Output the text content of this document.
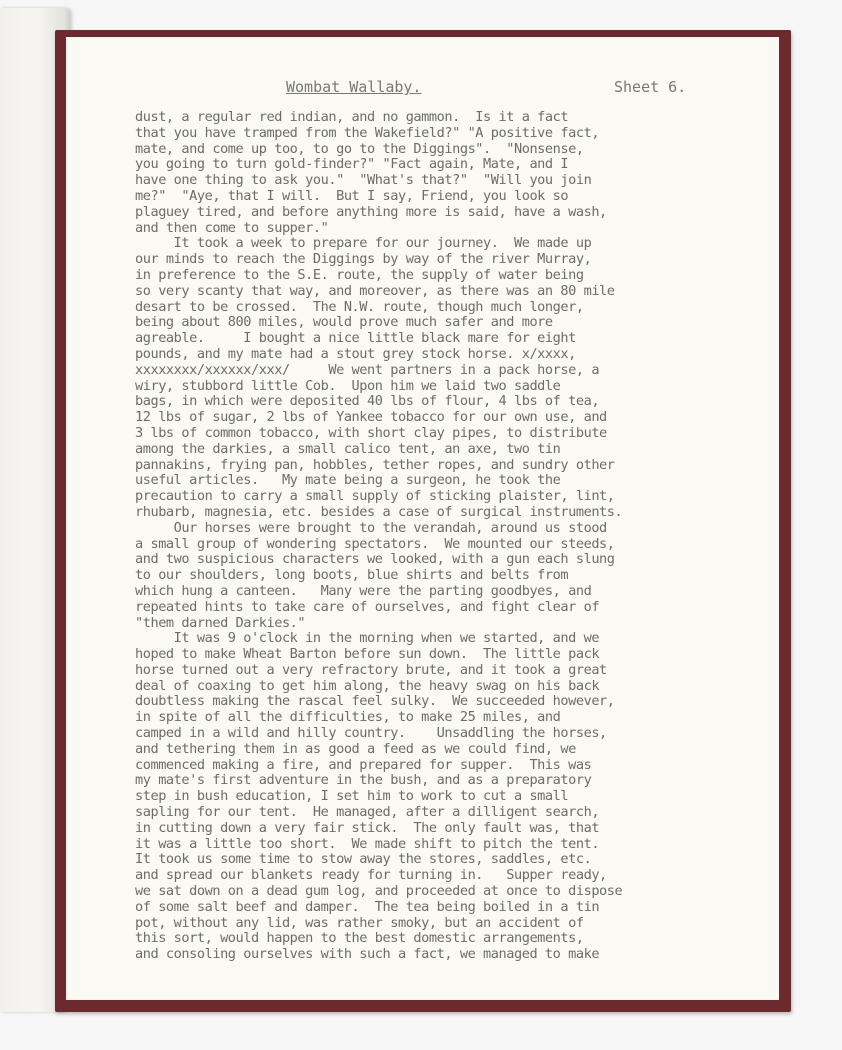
Wombat Wallaby.	Sheet 6.
dust, a regular red indian, and no gammon.  Is it a fact
that you have tramped from the Wakefield?" "A positive fact,
mate, and come up too, to go to the Diggings".  "Nonsense,
you going to turn gold-finder?" "Fact again, Mate, and I
have one thing to ask you."  "What's that?"  "Will you join
me?"  "Aye, that I will.  But I say, Friend, you look so
plaguey tired, and before anything more is said, have a wash,
and then come to supper."
It took a week to prepare for our journey.  We made up
our minds to reach the Diggings by way of the river Murray,
in preference to the S.E. route, the supply of water being
so very scanty that way, and moreover, as there was an 80 mile
desart to be crossed.  The N.W. route, though much longer,
being about 800 miles, would prove much safer and more
agreable.     I bought a nice little black mare for eight
pounds, and my mate had a stout grey stock horse. x/xxxx,
xxxxxxxx/xxxxxx/xxx/     We went partners in a pack horse, a
wiry, stubbord little Cob.  Upon him we laid two saddle
bags, in which were deposited 40 lbs of flour, 4 lbs of tea,
12 lbs of sugar, 2 lbs of Yankee tobacco for our own use, and
3 lbs of common tobacco, with short clay pipes, to distribute
among the darkies, a small calico tent, an axe, two tin
pannakins, frying pan, hobbles, tether ropes, and sundry other
useful articles.   My mate being a surgeon, he took the
precaution to carry a small supply of sticking plaister, lint,
rhubarb, magnesia, etc. besides a case of surgical instruments.
Our horses were brought to the verandah, around us stood
a small group of wondering spectators.  We mounted our steeds,
and two suspicious characters we looked, with a gun each slung
to our shoulders, long boots, blue shirts and belts from
which hung a canteen.   Many were the parting goodbyes, and
repeated hints to take care of ourselves, and fight clear of
"them darned Darkies."
It was 9 o'clock in the morning when we started, and we
hoped to make Wheat Barton before sun down.  The little pack
horse turned out a very refractory brute, and it took a great
deal of coaxing to get him along, the heavy swag on his back
doubtless making the rascal feel sulky.  We succeeded however,
in spite of all the difficulties, to make 25 miles, and
camped in a wild and hilly country.    Unsaddling the horses,
and tethering them in as good a feed as we could find, we
commenced making a fire, and prepared for supper.  This was
my mate's first adventure in the bush, and as a preparatory
step in bush education, I set him to work to cut a small
sapling for our tent.  He managed, after a dilligent search,
in cutting down a very fair stick.  The only fault was, that
it was a little too short.  We made shift to pitch the tent.
It took us some time to stow away the stores, saddles, etc.
and spread our blankets ready for turning in.   Supper ready,
we sat down on a dead gum log, and proceeded at once to dispose
of some salt beef and damper.  The tea being boiled in a tin
pot, without any lid, was rather smoky, but an accident of
this sort, would happen to the best domestic arrangements,
and consoling ourselves with such a fact, we managed to make
